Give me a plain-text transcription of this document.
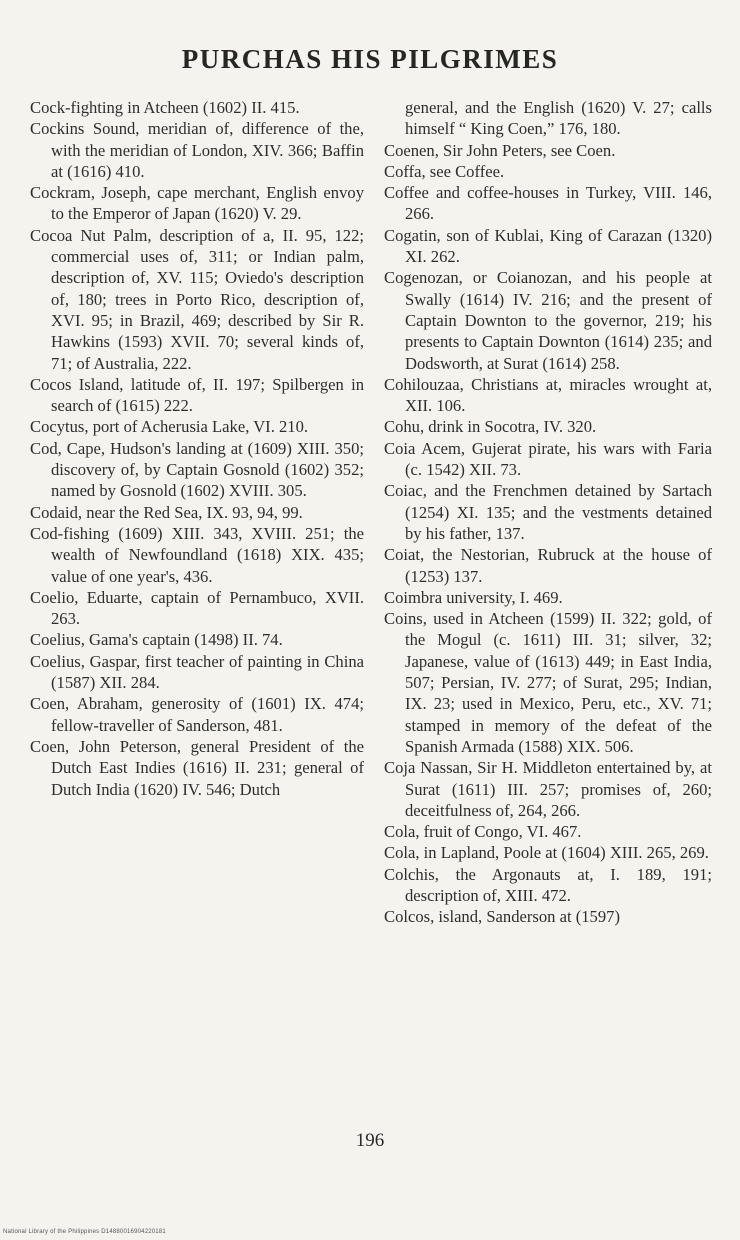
PURCHAS HIS PILGRIMES

Cock-fighting in Atcheen (1602) II. 415.

Cockins Sound, meridian of, difference of the, with the meridian of London, XIV. 366; Baffin at (1616) 410.

Cockram, Joseph, cape merchant, English envoy to the Emperor of Japan (1620) V. 29.

Cocoa Nut Palm, description of a, II. 95, 122; commercial uses of, 311; or Indian palm, description of, XV. 115; Oviedo's description of, 180; trees in Porto Rico, description of, XVI. 95; in Brazil, 469; described by Sir R. Hawkins (1593) XVII. 70; several kinds of, 71; of Australia, 222.

Cocos Island, latitude of, II. 197; Spilbergen in search of (1615) 222.

Cocytus, port of Acherusia Lake, VI. 210.

Cod, Cape, Hudson's landing at (1609) XIII. 350; discovery of, by Captain Gosnold (1602) 352; named by Gosnold (1602) XVIII. 305.

Codaid, near the Red Sea, IX. 93, 94, 99.

Cod-fishing (1609) XIII. 343, XVIII. 251; the wealth of Newfoundland (1618) XIX. 435; value of one year's, 436.

Coelio, Eduarte, captain of Pernambuco, XVII. 263.

Coelius, Gama's captain (1498) II. 74.

Coelius, Gaspar, first teacher of painting in China (1587) XII. 284.

Coen, Abraham, generosity of (1601) IX. 474; fellow-traveller of Sanderson, 481.

Coen, John Peterson, general President of the Dutch East Indies (1616) II. 231; general of Dutch India (1620) IV. 546; Dutch

general, and the English (1620) V. 27; calls himself “ King Coen,” 176, 180.

Coenen, Sir John Peters, see Coen.

Coffa, see Coffee.

Coffee and coffee-houses in Turkey, VIII. 146, 266.

Cogatin, son of Kublai, King of Carazan (1320) XI. 262.

Cogenozan, or Coianozan, and his people at Swally (1614) IV. 216; and the present of Captain Downton to the governor, 219; his presents to Captain Downton (1614) 235; and Dodsworth, at Surat (1614) 258.

Cohilouzaa, Christians at, miracles wrought at, XII. 106.

Cohu, drink in Socotra, IV. 320.

Coia Acem, Gujerat pirate, his wars with Faria (c. 1542) XII. 73.

Coiac, and the Frenchmen detained by Sartach (1254) XI. 135; and the vestments detained by his father, 137.

Coiat, the Nestorian, Rubruck at the house of (1253) 137.

Coimbra university, I. 469.

Coins, used in Atcheen (1599) II. 322; gold, of the Mogul (c. 1611) III. 31; silver, 32; Japanese, value of (1613) 449; in East India, 507; Persian, IV. 277; of Surat, 295; Indian, IX. 23; used in Mexico, Peru, etc., XV. 71; stamped in memory of the defeat of the Spanish Armada (1588) XIX. 506.

Coja Nassan, Sir H. Middleton entertained by, at Surat (1611) III. 257; promises of, 260; deceitfulness of, 264, 266.

Cola, fruit of Congo, VI. 467.

Cola, in Lapland, Poole at (1604) XIII. 265, 269.

Colchis, the Argonauts at, I. 189, 191; description of, XIII. 472.

Colcos, island, Sanderson at (1597)

196
National Library of the Philippines D14880016904220181
